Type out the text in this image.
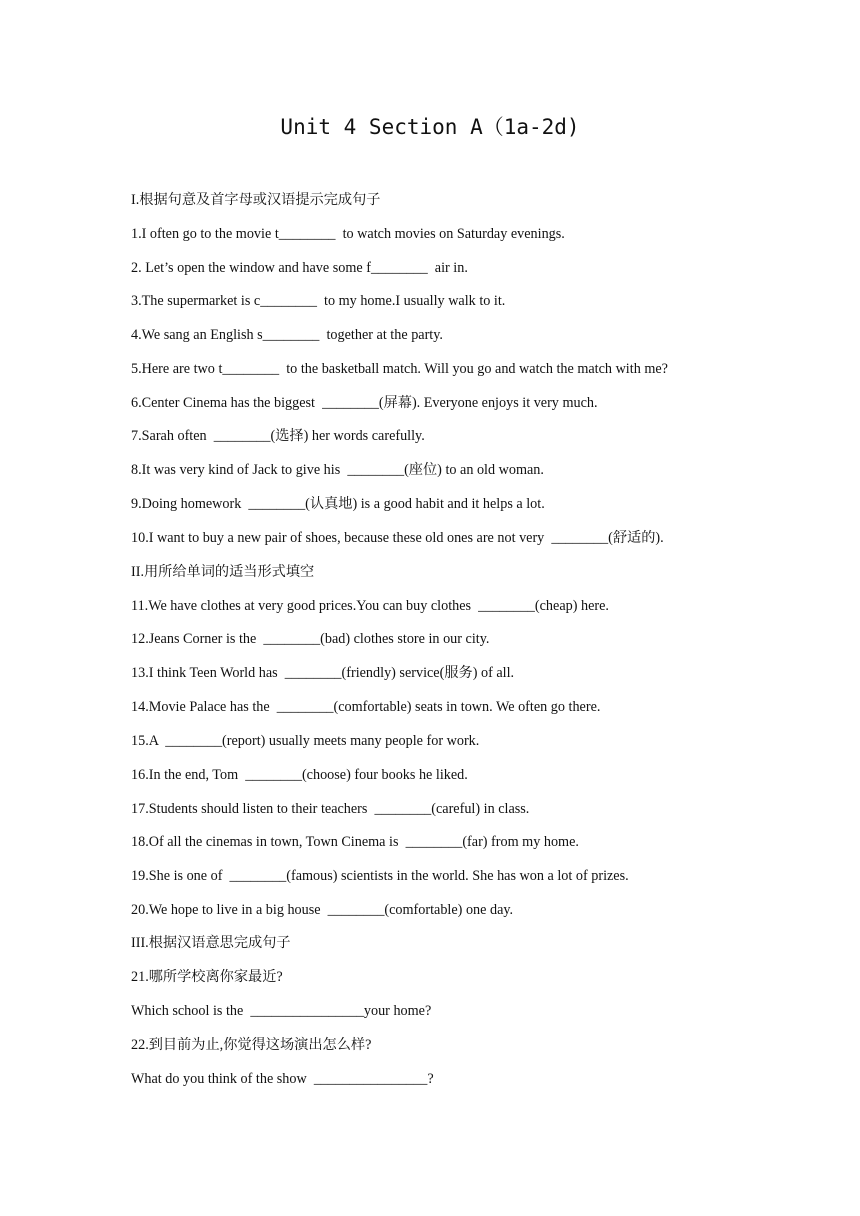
Unit 4 Section A（1a-2d)
I.根据句意及首字母或汉语提示完成句子
1.I often go to the movie t________  to watch movies on Saturday evenings.
2. Let’s open the window and have some f________  air in.
3.The supermarket is c________  to my home.I usually walk to it.
4.We sang an English s________  together at the party.
5.Here are two t________  to the basketball match. Will you go and watch the match with me?
6.Center Cinema has the biggest  ________(屏幕). Everyone enjoys it very much.
7.Sarah often  ________(选择) her words carefully.
8.It was very kind of Jack to give his  ________(座位) to an old woman.
9.Doing homework  ________(认真地) is a good habit and it helps a lot.
10.I want to buy a new pair of shoes, because these old ones are not very  ________(舒适的).
II.用所给单词的适当形式填空
11.We have clothes at very good prices.You can buy clothes  ________(cheap) here.
12.Jeans Corner is the  ________(bad) clothes store in our city.
13.I think Teen World has  ________(friendly) service(服务) of all.
14.Movie Palace has the  ________(comfortable) seats in town. We often go there.
15.A  ________(report) usually meets many people for work.
16.In the end, Tom  ________(choose) four books he liked.
17.Students should listen to their teachers  ________(careful) in class.
18.Of all the cinemas in town, Town Cinema is  ________(far) from my home.
19.She is one of  ________(famous) scientists in the world. She has won a lot of prizes.
20.We hope to live in a big house  ________(comfortable) one day.
III.根据汉语意思完成句子
21.哪所学校离你家最近?
Which school is the  ________________your home?
22.到目前为止,你觉得这场演出怎么样?
What do you think of the show  ________________?
